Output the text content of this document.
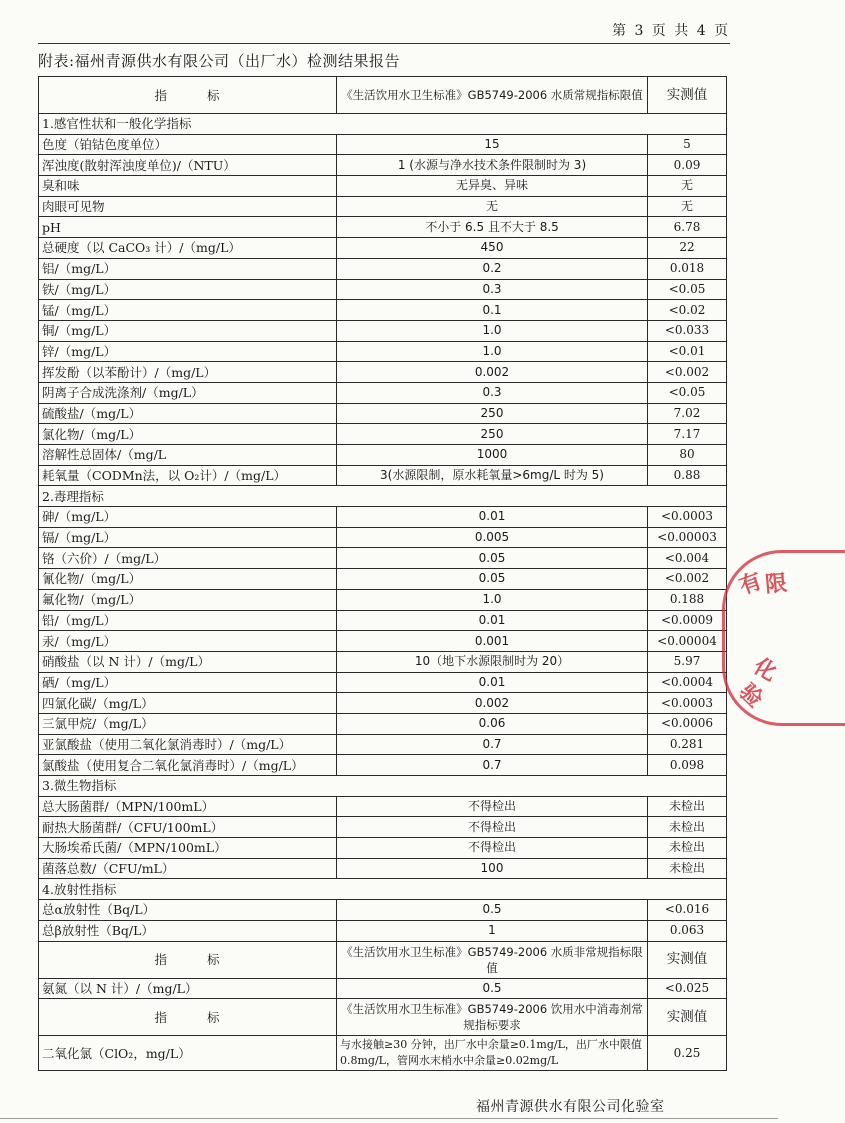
第 3 页 共 4 页
附表:福州青源供水有限公司（出厂水）检测结果报告
指 标	《生活饮用水卫生标准》GB5749-2006 水质常规指标限值	实测值
1.感官性状和一般化学指标		
色度（铂钴色度单位）	15	5
浑浊度(散射浑浊度单位)/（NTU）	1 (水源与净水技术条件限制时为 3)	0.09
臭和味	无异臭、异味	无
肉眼可见物	无	无
pH	不小于 6.5 且不大于 8.5	6.78
总硬度（以 CaCO₃ 计）/（mg/L）	450	22
铝/（mg/L）	0.2	0.018
铁/（mg/L）	0.3	<0.05
锰/（mg/L）	0.1	<0.02
铜/（mg/L）	1.0	<0.033
锌/（mg/L）	1.0	<0.01
挥发酚（以苯酚计）/（mg/L）	0.002	<0.002
阴离子合成洗涤剂/（mg/L）	0.3	<0.05
硫酸盐/（mg/L）	250	7.02
氯化物/（mg/L）	250	7.17
溶解性总固体/（mg/L	1000	80
耗氧量（CODMn法，以 O₂计）/（mg/L）	3(水源限制，原水耗氧量>6mg/L 时为 5)	0.88
2.毒理指标		
砷/（mg/L）	0.01	<0.0003
镉/（mg/L）	0.005	<0.00003
铬（六价）/（mg/L）	0.05	<0.004
氰化物/（mg/L）	0.05	<0.002
氟化物/（mg/L）	1.0	0.188
铅/（mg/L）	0.01	<0.0009
汞/（mg/L）	0.001	<0.00004
硝酸盐（以 N 计）/（mg/L）	10（地下水源限制时为 20）	5.97
硒/（mg/L）	0.01	<0.0004
四氯化碳/（mg/L）	0.002	<0.0003
三氯甲烷/（mg/L）	0.06	<0.0006
亚氯酸盐（使用二氧化氯消毒时）/（mg/L）	0.7	0.281
氯酸盐（使用复合二氧化氯消毒时）/（mg/L）	0.7	0.098
3.微生物指标		
总大肠菌群/（MPN/100mL）	不得检出	未检出
耐热大肠菌群/（CFU/100mL）	不得检出	未检出
大肠埃希氏菌/（MPN/100mL）	不得检出	未检出
菌落总数/（CFU/mL）	100	未检出
4.放射性指标		
总α放射性（Bq/L）	0.5	<0.016
总β放射性（Bq/L）	1	0.063
指 标	《生活饮用水卫生标准》GB5749-2006 水质非常规指标限值	实测值
氨氮（以 N 计）/（mg/L）	0.5	<0.025
指 标	《生活饮用水卫生标准》GB5749-2006 饮用水中消毒剂常规指标要求	实测值
二氧化氯（ClO₂，mg/L）	与水接触≥30 分钟，出厂水中余量≥0.1mg/L，出厂水中限值 0.8mg/L，管网水末梢水中余量≥0.02mg/L	0.25
有
限
化
验
福州青源供水有限公司化验室
